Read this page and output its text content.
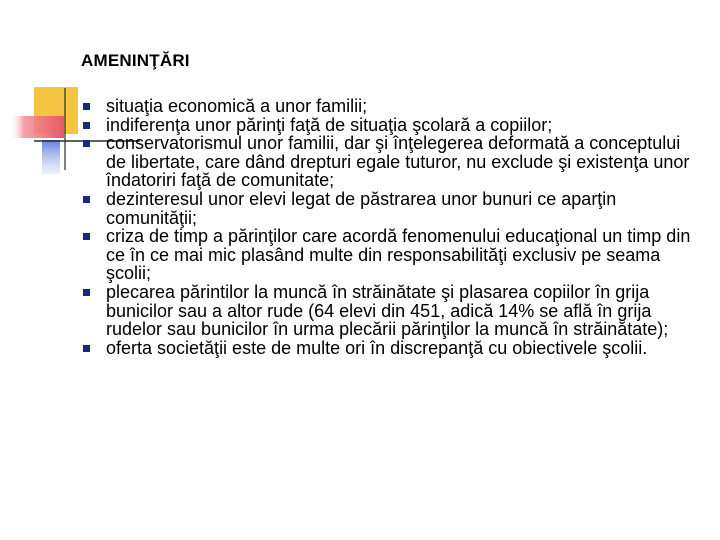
AMENINŢĂRI
situaţia economică a unor familii;
indiferenţa unor părinţi faţă de situaţia şcolară a copiilor;
conservatorismul unor familii, dar şi înţelegerea deformată a conceptului de libertate, care dând drepturi egale tuturor, nu exclude şi existenţa unor îndatoriri faţă de comunitate;
dezinteresul unor elevi legat de păstrarea unor bunuri ce aparţin comunităţii;
criza de timp a părinţilor care acordă fenomenului educaţional un timp din ce în ce mai mic plasând multe din responsabilităţi exclusiv pe seama şcolii;
plecarea părintilor la muncă în străinătate şi plasarea copiilor în grija bunicilor sau a altor rude (64 elevi din 451, adică 14% se află în grija rudelor sau bunicilor în urma plecării părinţilor la muncă în străinătate);
oferta societăţii este de multe ori în discrepanţă cu obiectivele şcolii.
